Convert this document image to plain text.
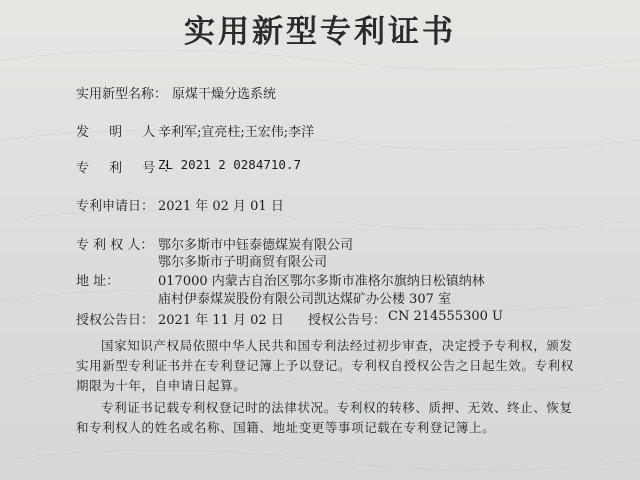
实用新型专利证书
实用新型名称： 原煤干燥分选系统
发 明 人：
辛利军;宣亮柱;王宏伟;李洋
专 利 号：
ZL 2021 2 0284710.7
专利申请日： 2021 年 02 月 01 日
专 利 权 人： 鄂尔多斯市中钰泰德煤炭有限公司
鄂尔多斯市子明商贸有限公司
地 址：	017000 内蒙古自治区鄂尔多斯市准格尔旗纳日松镇纳林
庙村伊泰煤炭股份有限公司凯达煤矿办公楼 307 室
授权公告日： 2021 年 11 月 02 日 授权公告号： CN 214555300 U
国家知识产权局依照中华人民共和国专利法经过初步审查，决定授予专利权，颁发实用新型专利证书并在专利登记簿上予以登记。专利权自授权公告之日起生效。专利权期限为十年，自申请日起算。
专利证书记载专利权登记时的法律状况。专利权的转移、质押、无效、终止、恢复和专利权人的姓名或名称、国籍、地址变更等事项记载在专利登记簿上。
